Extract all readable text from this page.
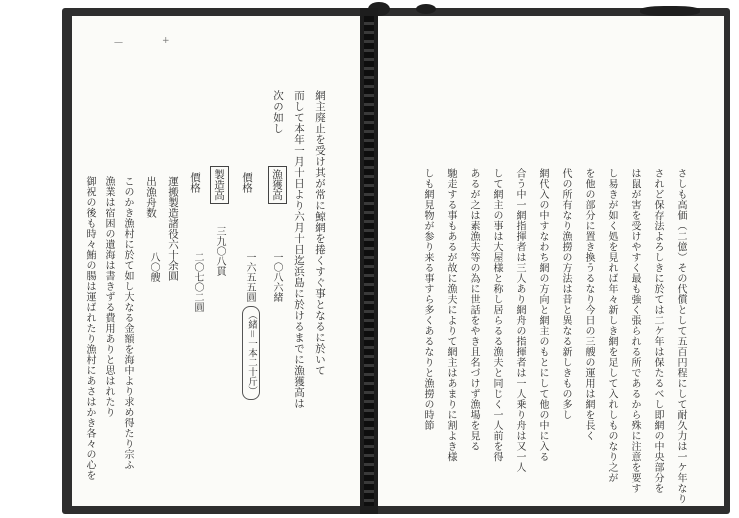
—	+
網主廃止を受け其が常に鯨網を捲くすぐ事となるに於いて
而して本年一月十日より六月十日迄浜島に於けるまでに漁獲高は
次の如し
漁獲高
一〇八六緒
（緒＝一本二十斤）
價格
一六五五圓
製造高
三九〇八貫
價格
二〇七〇二圓
運搬製造諸役六十余圓
出漁舟数
八〇艘
このかき漁村に於て如し大なる金額を海中より求め得たり宗ふ
漁業は宿困の遺海は書きずる費用ありと思はれたり
御祝の後も時々鮪の腸は運ばれたり漁村にあさはかき各々の心を	さしも高価（二億）その代償として五百円程にして耐久力は一ケ年なり
されど保存法よろしきに於ては二ケ年は保たるべし即網の中央部分を
は鼠が害を受けやすく最も強く張られる所であるから殊に注意を要す
し易きが如く処を見れば年々新しき網を足して入れしものなり之が
を他の部分に置き換うるなり今日の三艘の運用は網を長く
代の所有なり漁撈の方法は昔と異なる新しきもの多し
網代入の中すなわち網の方向と網主のもとにして他の中に入る
合う中一網指揮者は三人あり網舟の指揮者は一人乗り舟は又一人
して網主の事は大屋様と称し居らるる漁夫と同じく一人前を得
あるが之は素漁夫等の為に世話をやき且名づけず漁場を見る
馳走する事もあるが故に漁夫によりて網主はあまりに割よき様
しも網見物が参り来る事すら多くあるなりと漁撈の時節
